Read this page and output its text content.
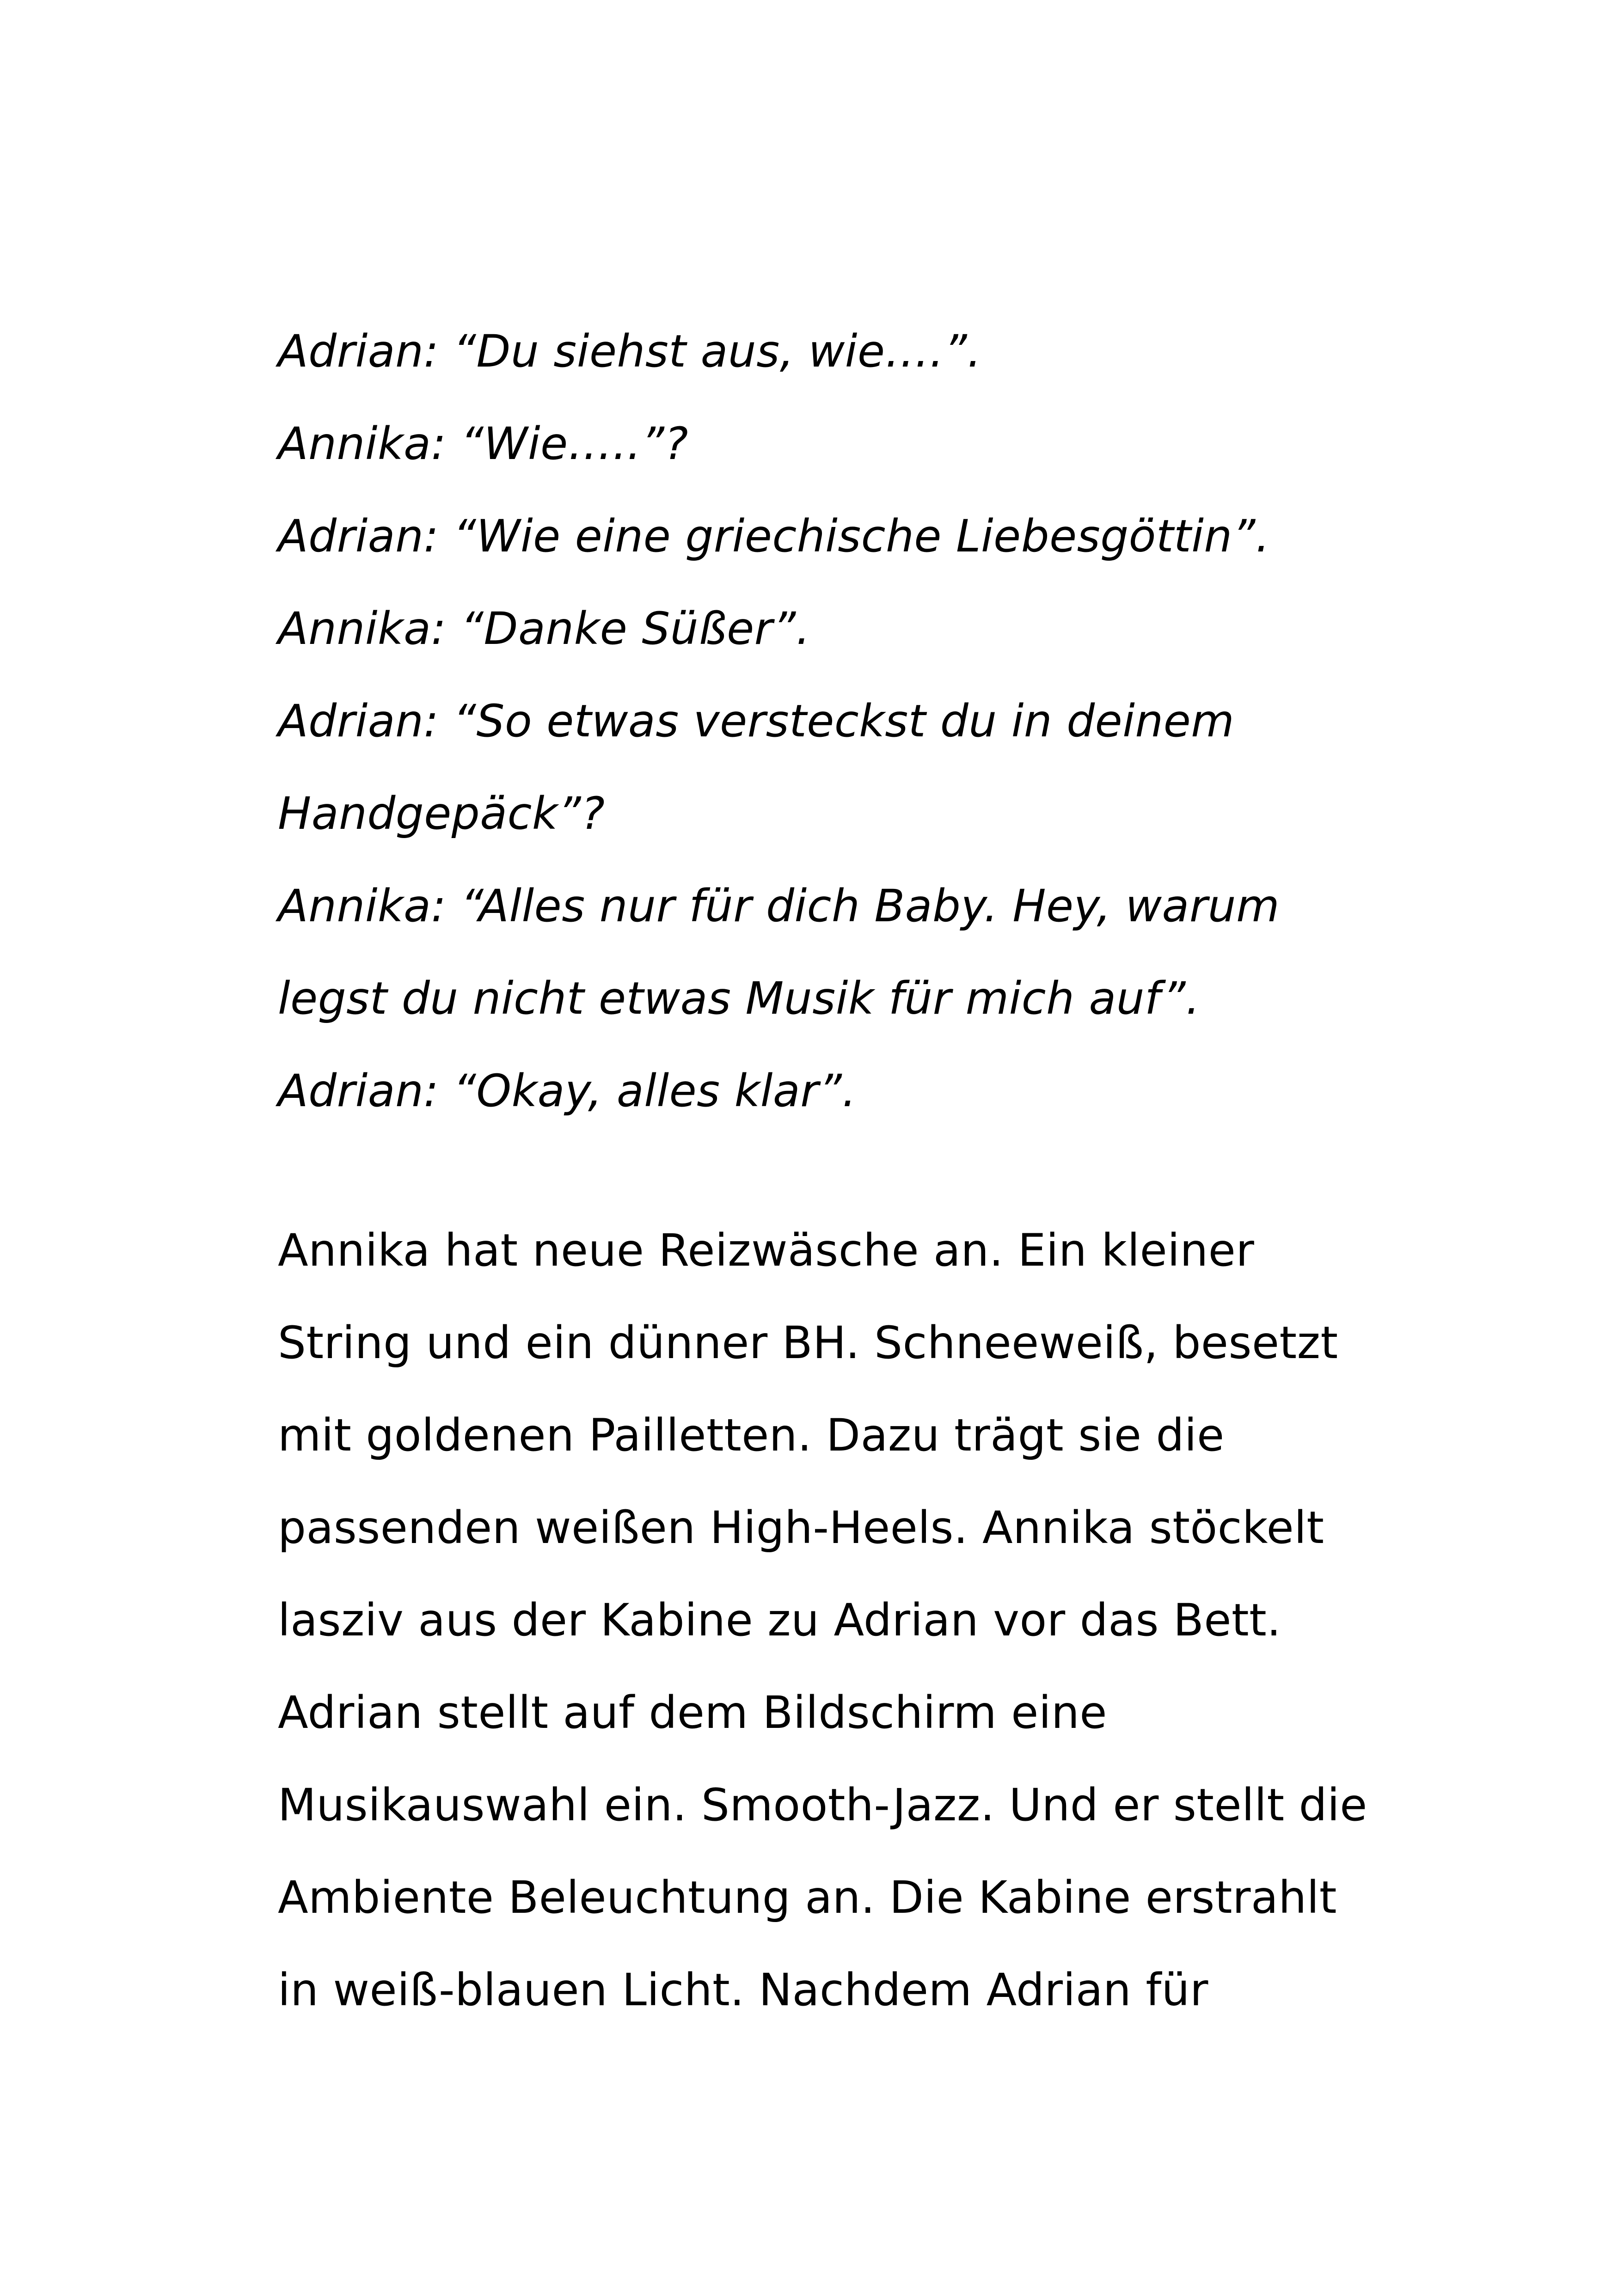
Adrian: “Du siehst aus, wie….”.
Annika: “Wie…..”?
Adrian: “Wie eine griechische Liebesgöttin”.
Annika: “Danke Süßer”.
Adrian: “So etwas versteckst du in deinem
Handgepäck”?
Annika: “Alles nur für dich Baby. Hey, warum
legst du nicht etwas Musik für mich auf”.
Adrian: “Okay, alles klar”.
Annika hat neue Reizwäsche an. Ein kleiner
String und ein dünner BH. Schneeweiß, besetzt
mit goldenen Pailletten. Dazu trägt sie die
passenden weißen High-Heels. Annika stöckelt
lasziv aus der Kabine zu Adrian vor das Bett.
Adrian stellt auf dem Bildschirm eine
Musikauswahl ein. Smooth-Jazz. Und er stellt die
Ambiente Beleuchtung an. Die Kabine erstrahlt
in weiß-blauen Licht. Nachdem Adrian für
